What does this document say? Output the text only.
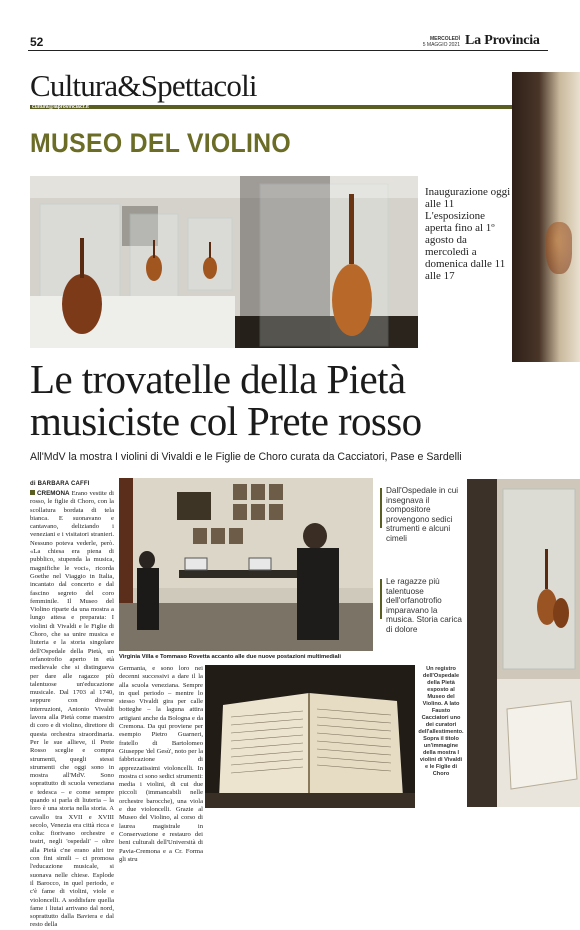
52	MERCOLEDÌ
5 MAGGIO 2021 La Provincia
Cultura&Spettacoli
cultura@laprovinciacr.it
MUSEO DEL VIOLINO
Inaugurazione oggi alle 11 L'esposizione aperta fino al 1º agosto da mercoledì a domenica dalle 11 alle 17
Le trovatelle della Pietà
musiciste col Prete rosso
All'MdV la mostra I violini di Vivaldi e le Figlie de Choro curata da Cacciatori, Pase e Sardelli
di BARBARA CAFFI
CREMONA Erano vestite di rosso, le figlie di Choro, con la scollatura bordata di tela bianca. E suonavano e cantavano, deliziando i veneziani e i visitatori stranieri. Nessuno poteva vederle, però. «La chiesa era piena di pubblico, stupenda la musica, magnifiche le voci», ricorda Goethe nel Viaggio in Italia, incantato dal concerto e dal fascino segreto del coro femminile. Il Museo del Violino riparte da una mostra a lungo attesa e preparata: I violini di Vivaldi e le Figlie di Choro, che sa unire musica e liuteria e la storia singolare dell'Ospedale della Pietà, un orfanotrofio aperto in età medievale che si distingueva per dare alle ragazze più talentuose un'educazione musicale. Dal 1703 al 1740, seppure con diverse interruzioni, Antonio Vivaldi lavora alla Pietà come maestro di coro e di violino, direttore di questa orchestra straordinaria. Per le sue allieve, il Prete Rosso sceglie e compra strumenti, quegli stessi strumenti che oggi sono in mostra all'MdV. Sono soprattutto di scuola veneziana e tedesca – e come sempre quando si parla di liuteria – la loro è una storia nella storia. A cavallo tra XVII e XVIII secolo, Venezia era città ricca e colta: fiorivano orchestre e teatri, negli 'ospedali' – oltre alla Pietà c'ne erano altri tre con fini simili – ci promosa l'educazione musicale, si suonava nelle chiese. Esplode il Barocco, in quel periodo, e c'è fame di violini, viole e violoncelli. A soddisfare quella fame i liutai arrivano dal nord, soprattutto dalla Baviera e dal resto della
Virginia Villa e Tommaso Rovetta accanto alle due nuove postazioni multimediali
Dall'Ospedale in cui insegnava il compositore provengono sedici strumenti e alcuni cimeli
Le ragazze più talentuose dell'orfanotrofio imparavano la musica. Storia carica di dolore
Germania, e sono loro nei decenni successivi a dare il la alla scuola veneziana. Sempre in quel periodo – mentre lo stesso Vivaldi gira per calle botteghe – la laguna attira artigiani anche da Bologna e da Cremona. Da qui proviene per esempio Pietro Guarneri, fratello di Bartolomeo Giuseppe 'del Gesù', noto per la fabbricazione di apprezzatissimi violoncelli. In mostra ci sono sedici strumenti: media i violini, di cui due piccoli (immancabili nelle orchestre barocche), una viola e due violoncelli. Grazie al Museo del Violino, al corso di laurea magistrale in Conservazione e restauro dei beni culturali dell'Università di Pavia-Cremona e a Cr. Forma gli stru
Un registro dell'Ospedale della Pietà esposto al Museo del Violino. A lato Fausto Cacciatori uno dei curatori dell'allestimento. Sopra il titolo un'immagine della mostra I violini di Vivaldi e le Figlie di Choro
